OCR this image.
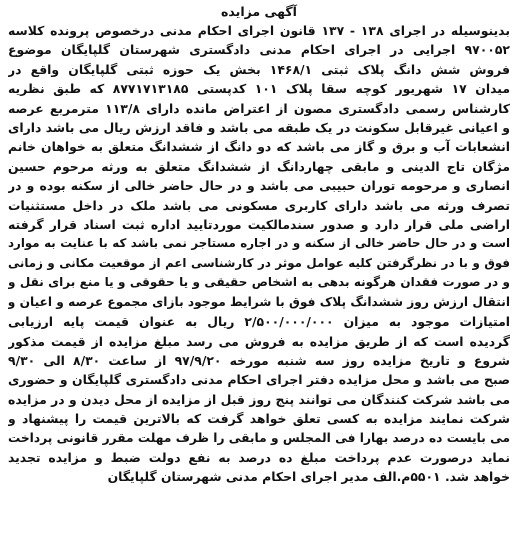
آگهی مزایده
بدینوسیله در اجرای ۱۳۸ - ۱۳۷ قانون اجرای احکام مدنی درخصوص پرونده کلاسه
۹۷۰۰۵۲ اجرایی در اجرای احکام مدنی دادگستری شهرستان گلپایگان موضوع
فروش شش دانگ پلاک ثبتی ۱۴۶۸/۱ بخش یک حوزه ثبتی گلپایگان واقع در
میدان ۱۷ شهریور کوچه سقا پلاک ۱۰۱ کدپستی ۸۷۷۱۷۱۳۱۸۵ که طبق نظریه
کارشناس رسمی دادگستری مصون از اعتراض مانده دارای ۱۱۳/۸ مترمربع عرصه
و اعیانی غیرقابل سکونت در یک طبقه می باشد و فاقد ارزش ریال می باشد دارای
انشعابات آب و برق و گاز می باشد که دو دانگ از ششدانگ متعلق به خواهان خانم
مژگان تاج الدینی و مابقی چهاردانگ از ششدانگ متعلق به ورثه مرحوم حسین
انصاری و مرحومه توران حبیبی می باشد و در حال حاضر خالی از سکنه بوده و در
تصرف ورثه می باشد دارای کاربری مسکونی می باشد ملک در داخل مستثنیات
اراضی ملی قرار دارد و صدور سندمالکیت موردتایید اداره ثبت اسناد قرار گرفته
است و در حال حاضر خالی از سکنه و در اجاره مستاجر نمی باشد که با عنایت به موارد
فوق و با در نظرگرفتن کلیه عوامل موثر در کارشناسی اعم از موقعیت مکانی و زمانی
و در صورت فقدان هرگونه بدهی به اشخاص حقیقی و یا حقوقی و یا منع برای نقل و
انتقال ارزش روز ششدانگ پلاک فوق با شرایط موجود بازای مجموع عرصه و اعیان و
امتیازات موجود به میزان ۲/۵۰۰/۰۰۰/۰۰۰ ریال به عنوان قیمت پایه ارزیابی
گردیده است که از طریق مزایده به فروش می رسد مبلغ مزایده از قیمت مذکور
شروع و تاریخ مزایده روز سه شنبه مورخه ۹۷/۹/۲۰ از ساعت ۸/۳۰ الی ۹/۳۰
صبح می باشد و محل مزایده دفتر اجرای احکام مدنی دادگستری گلپایگان و حضوری
می باشد شرکت کنندگان می توانند پنج روز قبل از مزایده از محل دیدن و در مزایده
شرکت نمایند مزایده به کسی تعلق خواهد گرفت که بالاترین قیمت را پیشنهاد و
می بایست ده درصد بهارا فی المجلس و مابقی را ظرف مهلت مقرر قانونی پرداخت
نماید درصورت عدم پرداخت مبلغ ده درصد به نفع دولت ضبط و مزایده تجدید
خواهد شد. ۵۵۰۱م.الف مدیر اجرای احکام مدنی شهرستان گلپایگان
